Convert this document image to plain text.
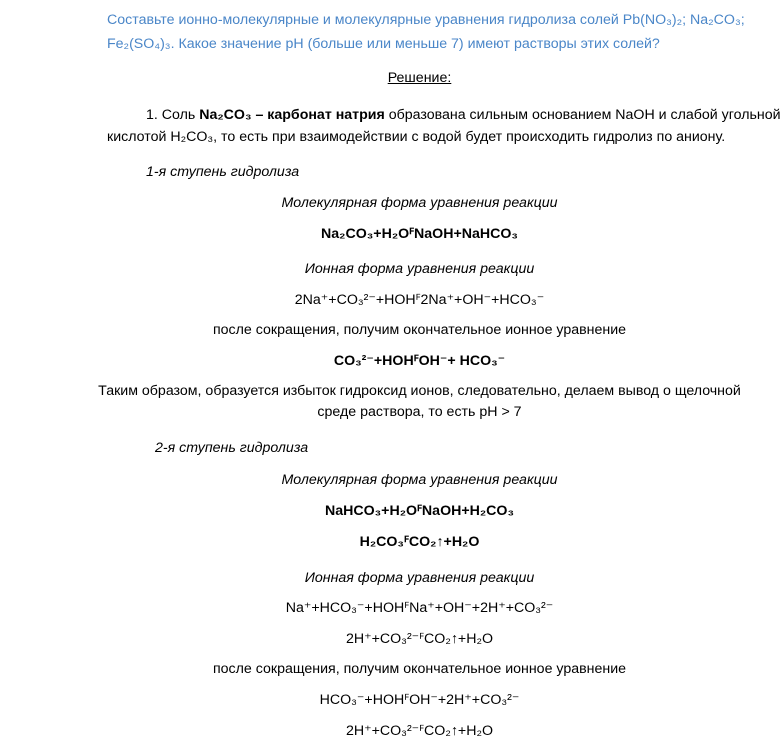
Составьте ионно-молекулярные и молекулярные уравнения гидролиза солей Pb(NO₃)₂; Na₂CO₃;
Fe₂(SO₄)₃. Какое значение pH (больше или меньше 7) имеют растворы этих солей?
Решение:
1. Соль Na₂CO₃ – карбонат натрия образована сильным основанием NaOH и слабой угольной
кислотой H₂CO₃, то есть при взаимодействии с водой будет происходить гидролиз по аниону.
1-я ступень гидролиза
Молекулярная форма уравнения реакции
Na₂CO₃+H₂OꟳNaOH+NaHCO₃
Ионная форма уравнения реакции
2Na⁺+CO₃²⁻+HOHꟳ2Na⁺+OH⁻+HCO₃⁻
после сокращения, получим окончательное ионное уравнение
CO₃²⁻+HOHꟳOH⁻+ HCO₃⁻
Таким образом, образуется избыток гидроксид ионов, следовательно, делаем вывод о щелочной
среде раствора, то есть pH > 7
2-я ступень гидролиза
Молекулярная форма уравнения реакции
NaHCO₃+H₂OꟳNaOH+H₂CO₃
H₂CO₃ꟳCO₂↑+H₂O
Ионная форма уравнения реакции
Na⁺+HCO₃⁻+HOHꟳNa⁺+OH⁻+2H⁺+CO₃²⁻
2H⁺+CO₃²⁻ꟳCO₂↑+H₂O
после сокращения, получим окончательное ионное уравнение
HCO₃⁻+HOHꟳOH⁻+2H⁺+CO₃²⁻
2H⁺+CO₃²⁻ꟳCO₂↑+H₂O
